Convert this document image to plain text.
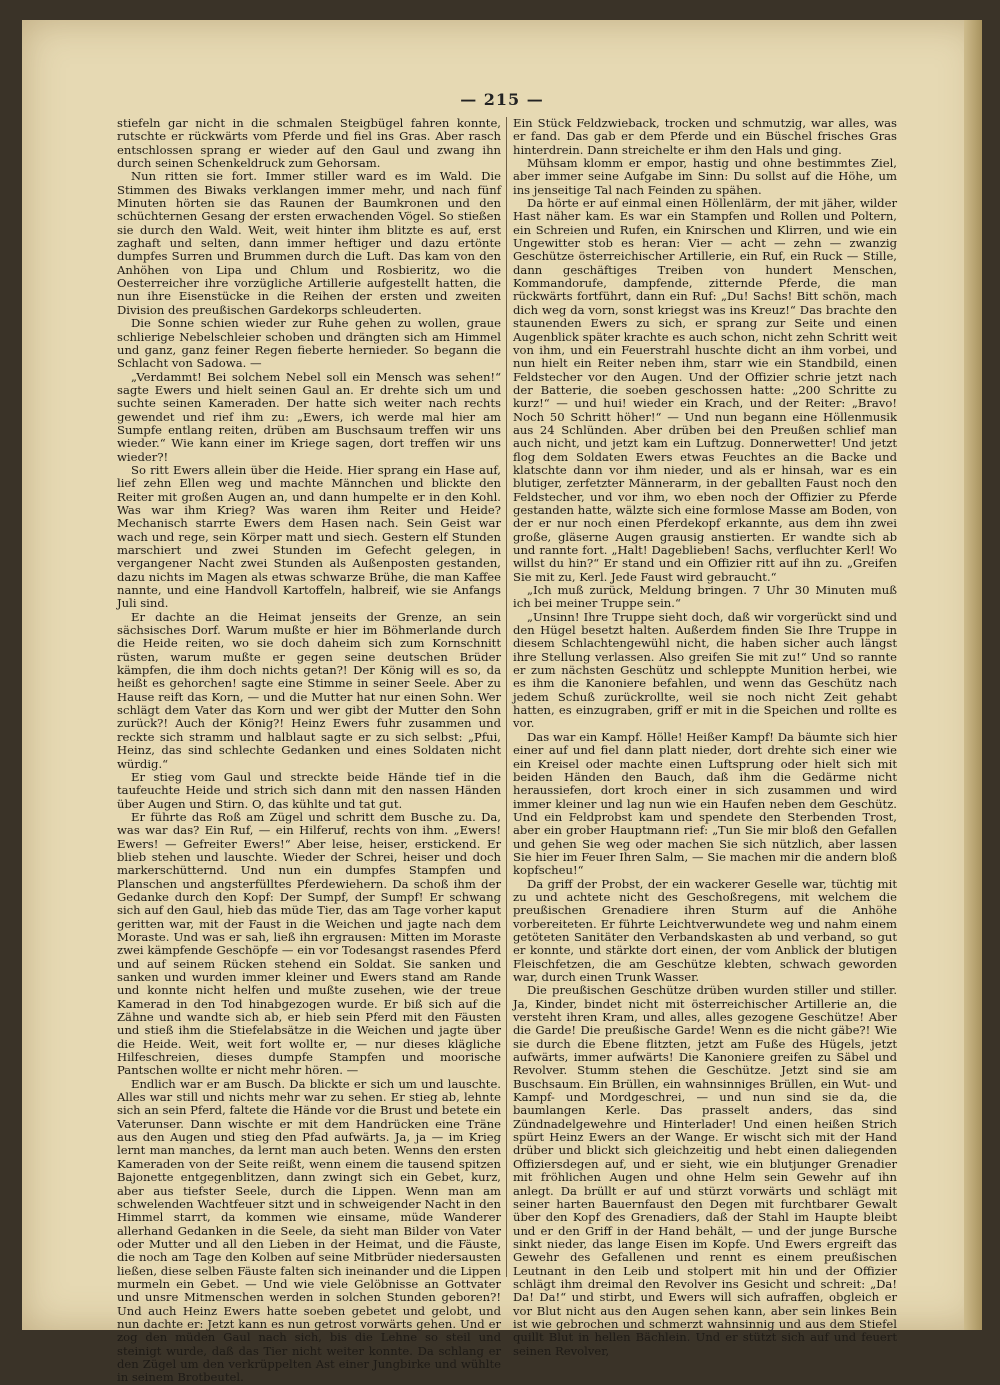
— 215 —

stiefeln gar nicht in die schmalen Steigbügel fahren konnte, rutschte er rückwärts vom Pferde und fiel ins Gras. Aber rasch entschlossen sprang er wieder auf den Gaul und zwang ihn durch seinen Schenkeldruck zum Gehorsam.

Nun ritten sie fort. Immer stiller ward es im Wald. Die Stimmen des Biwaks verklangen immer mehr, und nach fünf Minuten hörten sie das Raunen der Baumkronen und den schüchternen Gesang der ersten erwachenden Vögel. So stießen sie durch den Wald. Weit, weit hinter ihm blitzte es auf, erst zaghaft und selten, dann immer heftiger und dazu ertönte dumpfes Surren und Brummen durch die Luft. Das kam von den Anhöhen von Lipa und Chlum und Rosbieritz, wo die Oesterreicher ihre vorzügliche Artillerie aufgestellt hatten, die nun ihre Eisenstücke in die Reihen der ersten und zweiten Division des preußischen Gardekorps schleuderten.

Die Sonne schien wieder zur Ruhe gehen zu wollen, graue schlierige Nebelschleier schoben und drängten sich am Himmel und ganz, ganz feiner Regen fieberte hernieder. So begann die Schlacht von Sadowa. —

„Verdammt! Bei solchem Nebel soll ein Mensch was sehen!“ sagte Ewers und hielt seinen Gaul an. Er drehte sich um und suchte seinen Kameraden. Der hatte sich weiter nach rechts gewendet und rief ihm zu: „Ewers, ich werde mal hier am Sumpfe entlang reiten, drüben am Buschsaum treffen wir uns wieder.“ Wie kann einer im Kriege sagen, dort treffen wir uns wieder?!

So ritt Ewers allein über die Heide. Hier sprang ein Hase auf, lief zehn Ellen weg und machte Männchen und blickte den Reiter mit großen Augen an, und dann humpelte er in den Kohl. Was war ihm Krieg? Was waren ihm Reiter und Heide? Mechanisch starrte Ewers dem Hasen nach. Sein Geist war wach und rege, sein Körper matt und siech. Gestern elf Stunden marschiert und zwei Stunden im Gefecht gelegen, in vergangener Nacht zwei Stunden als Außenposten gestanden, dazu nichts im Magen als etwas schwarze Brühe, die man Kaffee nannte, und eine Handvoll Kartoffeln, halbreif, wie sie Anfangs Juli sind.

Er dachte an die Heimat jenseits der Grenze, an sein sächsisches Dorf. Warum mußte er hier im Böhmerlande durch die Heide reiten, wo sie doch daheim sich zum Kornschnitt rüsten, warum mußte er gegen seine deutschen Brüder kämpfen, die ihm doch nichts getan?! Der König will es so, da heißt es gehorchen! sagte eine Stimme in seiner Seele. Aber zu Hause reift das Korn, — und die Mutter hat nur einen Sohn. Wer schlägt dem Vater das Korn und wer gibt der Mutter den Sohn zurück?! Auch der König?! Heinz Ewers fuhr zusammen und reckte sich stramm und halblaut sagte er zu sich selbst: „Pfui, Heinz, das sind schlechte Gedanken und eines Soldaten nicht würdig.“

Er stieg vom Gaul und streckte beide Hände tief in die taufeuchte Heide und strich sich dann mit den nassen Händen über Augen und Stirn. O, das kühlte und tat gut.

Er führte das Roß am Zügel und schritt dem Busche zu. Da, was war das? Ein Ruf, — ein Hilferuf, rechts von ihm. „Ewers! Ewers! — Gefreiter Ewers!“ Aber leise, heiser, erstickend. Er blieb stehen und lauschte. Wieder der Schrei, heiser und doch markerschütternd. Und nun ein dumpfes Stampfen und Planschen und angsterfülltes Pferdewiehern. Da schoß ihm der Gedanke durch den Kopf: Der Sumpf, der Sumpf! Er schwang sich auf den Gaul, hieb das müde Tier, das am Tage vorher kaput geritten war, mit der Faust in die Weichen und jagte nach dem Moraste. Und was er sah, ließ ihn ergrausen: Mitten im Moraste zwei kämpfende Geschöpfe — ein vor Todesangst rasendes Pferd und auf seinem Rücken stehend ein Soldat. Sie sanken und sanken und wurden immer kleiner und Ewers stand am Rande und konnte nicht helfen und mußte zusehen, wie der treue Kamerad in den Tod hinabgezogen wurde. Er biß sich auf die Zähne und wandte sich ab, er hieb sein Pferd mit den Fäusten und stieß ihm die Stiefelabsätze in die Weichen und jagte über die Heide. Weit, weit fort wollte er, — nur dieses klägliche Hilfeschreien, dieses dumpfe Stampfen und moorische Pantschen wollte er nicht mehr hören. —

Endlich war er am Busch. Da blickte er sich um und lauschte. Alles war still und nichts mehr war zu sehen. Er stieg ab, lehnte sich an sein Pferd, faltete die Hände vor die Brust und betete ein Vaterunser. Dann wischte er mit dem Handrücken eine Träne aus den Augen und stieg den Pfad aufwärts. Ja, ja — im Krieg lernt man manches, da lernt man auch beten. Wenns den ersten Kameraden von der Seite reißt, wenn einem die tausend spitzen Bajonette entgegenblitzen, dann zwingt sich ein Gebet, kurz, aber aus tiefster Seele, durch die Lippen. Wenn man am schwelenden Wachtfeuer sitzt und in schweigender Nacht in den Himmel starrt, da kommen wie einsame, müde Wanderer allerhand Gedanken in die Seele, da sieht man Bilder von Vater oder Mutter und all den Lieben in der Heimat, und die Fäuste, die noch am Tage den Kolben auf seine Mitbrüder niedersausten ließen, diese selben Fäuste falten sich ineinander und die Lippen murmeln ein Gebet. — Und wie viele Gelöbnisse an Gottvater und unsre Mitmenschen werden in solchen Stunden geboren?! Und auch Heinz Ewers hatte soeben gebetet und gelobt, und nun dachte er: Jetzt kann es nun getrost vorwärts gehen. Und er zog den müden Gaul nach sich, bis die Lehne so steil und steinigt wurde, daß das Tier nicht weiter konnte. Da schlang er den Zügel um den verkrüppelten Ast einer Jungbirke und wühlte in seinem Brotbeutel.

Ein Stück Feldzwieback, trocken und schmutzig, war alles, was er fand. Das gab er dem Pferde und ein Büschel frisches Gras hinterdrein. Dann streichelte er ihm den Hals und ging.

Mühsam klomm er empor, hastig und ohne bestimmtes Ziel, aber immer seine Aufgabe im Sinn: Du sollst auf die Höhe, um ins jenseitige Tal nach Feinden zu spähen.

Da hörte er auf einmal einen Höllenlärm, der mit jäher, wilder Hast näher kam. Es war ein Stampfen und Rollen und Poltern, ein Schreien und Rufen, ein Knirschen und Klirren, und wie ein Ungewitter stob es heran: Vier — acht — zehn — zwanzig Geschütze österreichischer Artillerie, ein Ruf, ein Ruck — Stille, dann geschäftiges Treiben von hundert Menschen, Kommandorufe, dampfende, zitternde Pferde, die man rückwärts fortführt, dann ein Ruf: „Du! Sachs! Bitt schön, mach dich weg da vorn, sonst kriegst was ins Kreuz!“ Das brachte den staunenden Ewers zu sich, er sprang zur Seite und einen Augenblick später krachte es auch schon, nicht zehn Schritt weit von ihm, und ein Feuerstrahl huschte dicht an ihm vorbei, und nun hielt ein Reiter neben ihm, starr wie ein Standbild, einen Feldstecher vor den Augen. Und der Offizier schrie jetzt nach der Batterie, die soeben geschossen hatte: „200 Schritte zu kurz!“ — und hui! wieder ein Krach, und der Reiter: „Bravo! Noch 50 Schritt höher!“ — Und nun begann eine Höllenmusik aus 24 Schlünden. Aber drüben bei den Preußen schlief man auch nicht, und jetzt kam ein Luftzug. Donnerwetter! Und jetzt flog dem Soldaten Ewers etwas Feuchtes an die Backe und klatschte dann vor ihm nieder, und als er hinsah, war es ein blutiger, zerfetzter Männerarm, in der geballten Faust noch den Feldstecher, und vor ihm, wo eben noch der Offizier zu Pferde gestanden hatte, wälzte sich eine formlose Masse am Boden, von der er nur noch einen Pferdekopf erkannte, aus dem ihn zwei große, gläserne Augen grausig anstierten. Er wandte sich ab und rannte fort. „Halt! Dageblieben! Sachs, verfluchter Kerl! Wo willst du hin?“ Er stand und ein Offizier ritt auf ihn zu. „Greifen Sie mit zu, Kerl. Jede Faust wird gebraucht.“

„Ich muß zurück, Meldung bringen. 7 Uhr 30 Minuten muß ich bei meiner Truppe sein.“

„Unsinn! Ihre Truppe sieht doch, daß wir vorgerückt sind und den Hügel besetzt halten. Außerdem finden Sie Ihre Truppe in diesem Schlachtengewühl nicht, die haben sicher auch längst ihre Stellung verlassen. Also greifen Sie mit zu!“ Und so rannte er zum nächsten Geschütz und schleppte Munition herbei, wie es ihm die Kanoniere befahlen, und wenn das Geschütz nach jedem Schuß zurückrollte, weil sie noch nicht Zeit gehabt hatten, es einzugraben, griff er mit in die Speichen und rollte es vor.

Das war ein Kampf. Hölle! Heißer Kampf! Da bäumte sich hier einer auf und fiel dann platt nieder, dort drehte sich einer wie ein Kreisel oder machte einen Luftsprung oder hielt sich mit beiden Händen den Bauch, daß ihm die Gedärme nicht heraussiefen, dort kroch einer in sich zusammen und wird immer kleiner und lag nun wie ein Haufen neben dem Geschütz. Und ein Feldprobst kam und spendete den Sterbenden Trost, aber ein grober Hauptmann rief: „Tun Sie mir bloß den Gefallen und gehen Sie weg oder machen Sie sich nützlich, aber lassen Sie hier im Feuer Ihren Salm, — Sie machen mir die andern bloß kopfscheu!“

Da griff der Probst, der ein wackerer Geselle war, tüchtig mit zu und achtete nicht des Geschoßregens, mit welchem die preußischen Grenadiere ihren Sturm auf die Anhöhe vorbereiteten. Er führte Leichtverwundete weg und nahm einem getöteten Sanitäter den Verbandskasten ab und verband, so gut er konnte, und stärkte dort einen, der vom Anblick der blutigen Fleischfetzen, die am Geschütze klebten, schwach geworden war, durch einen Trunk Wasser.

Die preußischen Geschütze drüben wurden stiller und stiller. Ja, Kinder, bindet nicht mit österreichischer Artillerie an, die versteht ihren Kram, und alles, alles gezogene Geschütze! Aber die Garde! Die preußische Garde! Wenn es die nicht gäbe?! Wie sie durch die Ebene flitzten, jetzt am Fuße des Hügels, jetzt aufwärts, immer aufwärts! Die Kanoniere greifen zu Säbel und Revolver. Stumm stehen die Geschütze. Jetzt sind sie am Buschsaum. Ein Brüllen, ein wahnsinniges Brüllen, ein Wut- und Kampf- und Mordgeschrei, — und nun sind sie da, die baumlangen Kerle. Das prasselt anders, das sind Zündnadelgewehre und Hinterlader! Und einen heißen Strich spürt Heinz Ewers an der Wange. Er wischt sich mit der Hand drüber und blickt sich gleichzeitig und hebt einen daliegenden Offiziersdegen auf, und er sieht, wie ein blutjunger Grenadier mit fröhlichen Augen und ohne Helm sein Gewehr auf ihn anlegt. Da brüllt er auf und stürzt vorwärts und schlägt mit seiner harten Bauernfaust den Degen mit furchtbarer Gewalt über den Kopf des Grenadiers, daß der Stahl im Haupte bleibt und er den Griff in der Hand behält, — und der junge Bursche sinkt nieder, das lange Eisen im Kopfe. Und Ewers ergreift das Gewehr des Gefallenen und rennt es einem preußischen Leutnant in den Leib und stolpert mit hin und der Offizier schlägt ihm dreimal den Revolver ins Gesicht und schreit: „Da! Da! Da!“ und stirbt, und Ewers will sich aufraffen, obgleich er vor Blut nicht aus den Augen sehen kann, aber sein linkes Bein ist wie gebrochen und schmerzt wahnsinnig und aus dem Stiefel quillt Blut in hellen Bächlein. Und er stützt sich auf und feuert seinen Revolver,
